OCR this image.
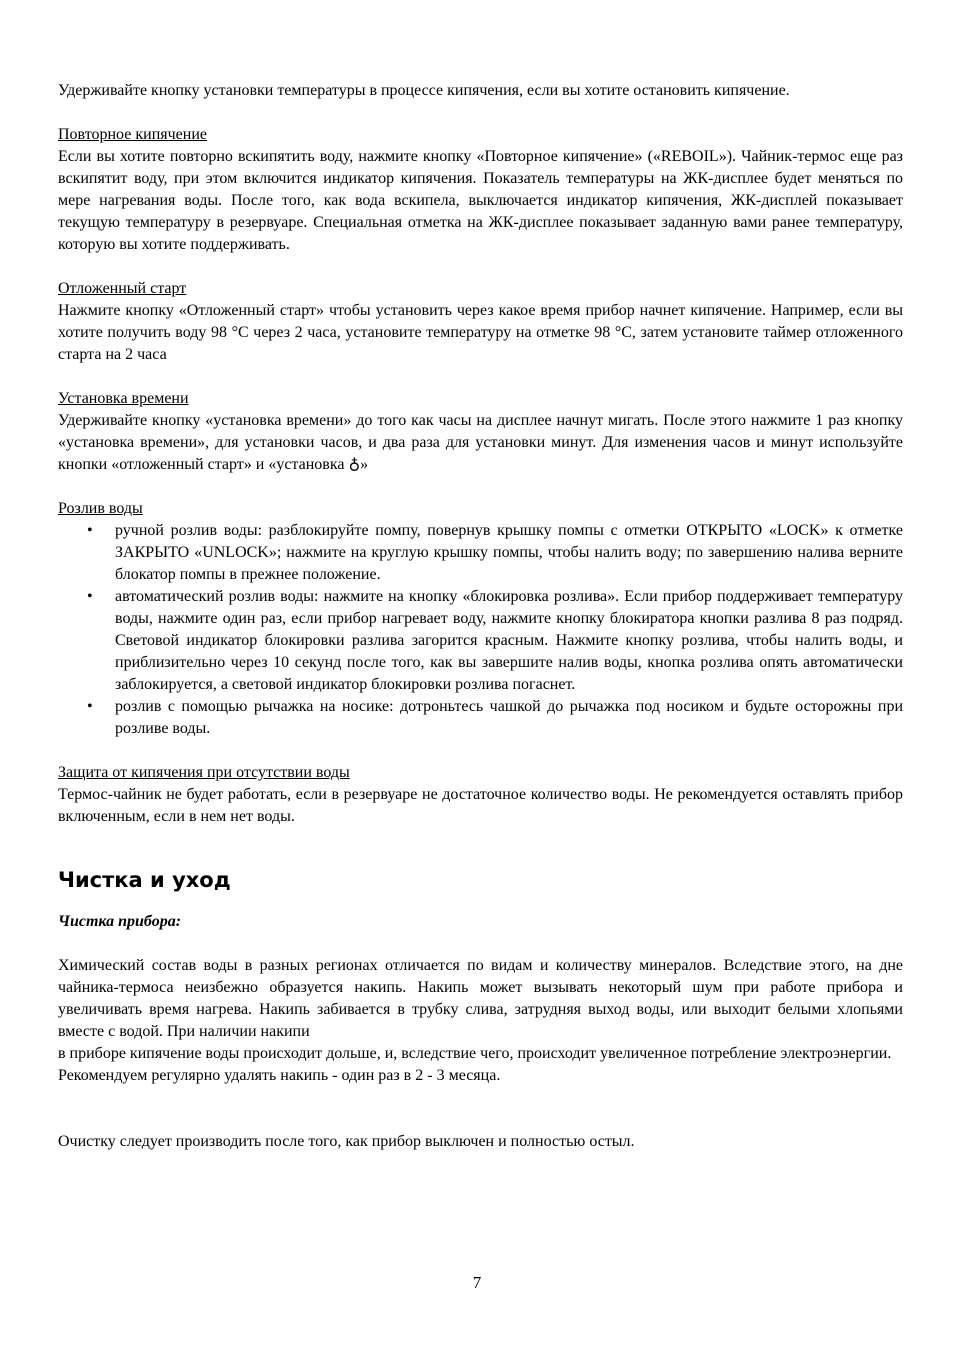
Удерживайте кнопку установки температуры в процессе кипячения, если вы хотите остановить кипячение.

Повторное кипячение

Если вы хотите повторно вскипятить воду, нажмите кнопку «Повторное кипячение» («REBOIL»). Чайник-термос еще раз вскипятит воду, при этом включится индикатор кипячения. Показатель температуры на ЖК-дисплее будет меняться по мере нагревания воды. После того, как вода вскипела, выключается индикатор кипячения, ЖК-дисплей показывает текущую температуру в резервуаре. Специальная отметка на ЖК-дисплее показывает заданную вами ранее температуру, которую вы хотите поддерживать.

Отложенный старт

Нажмите кнопку «Отложенный старт» чтобы установить через какое время прибор начнет кипячение. Например, если вы хотите получить воду 98 °C через 2 часа, установите температуру на отметке 98 °C, затем установите таймер отложенного старта на 2 часа

Установка времени

Удерживайте кнопку «установка времени» до того как часы на дисплее начнут мигать. После этого нажмите 1 раз кнопку «установка времени», для установки часов, и два раза для установки минут. Для изменения часов и минут используйте кнопки «отложенный старт» и «установка ♁»

Розлив воды

• ручной розлив воды: разблокируйте помпу, повернув крышку помпы с отметки ОТКРЫТО «LOCK» к отметке ЗАКРЫТО «UNLOCK»; нажмите на круглую крышку помпы, чтобы налить воду; по завершению налива верните блокатор помпы в прежнее положение.
• автоматический розлив воды: нажмите на кнопку «блокировка розлива». Если прибор поддерживает температуру воды, нажмите один раз, если прибор нагревает воду, нажмите кнопку блокиратора кнопки разлива 8 раз подряд. Световой индикатор блокировки разлива загорится красным. Нажмите кнопку розлива, чтобы налить воды, и приблизительно через 10 секунд после того, как вы завершите налив воды, кнопка розлива опять автоматически заблокируется, а световой индикатор блокировки розлива погаснет.
• розлив с помощью рычажка на носике: дотроньтесь чашкой до рычажка под носиком и будьте осторожны при розливе воды.

Защита от кипячения при отсутствии воды

Термос-чайник не будет работать, если в резервуаре не достаточное количество воды. Не рекомендуется оставлять прибор включенным, если в нем нет воды.

Чистка и уход

Чистка прибора:

Химический состав воды в разных регионах отличается по видам и количеству минералов. Вследствие этого, на дне чайника-термоса неизбежно образуется накипь. Накипь может вызывать некоторый шум при работе прибора и увеличивать время нагрева. Накипь забивается в трубку слива, затрудняя выход воды, или выходит белыми хлопьями вместе с водой. При наличии накипи

в приборе кипячение воды происходит дольше, и, вследствие чего, происходит увеличенное потребление электроэнергии. Рекомендуем регулярно удалять накипь - один раз в 2 - 3 месяца.

Очистку следует производить после того, как прибор выключен и полностью остыл.

7
